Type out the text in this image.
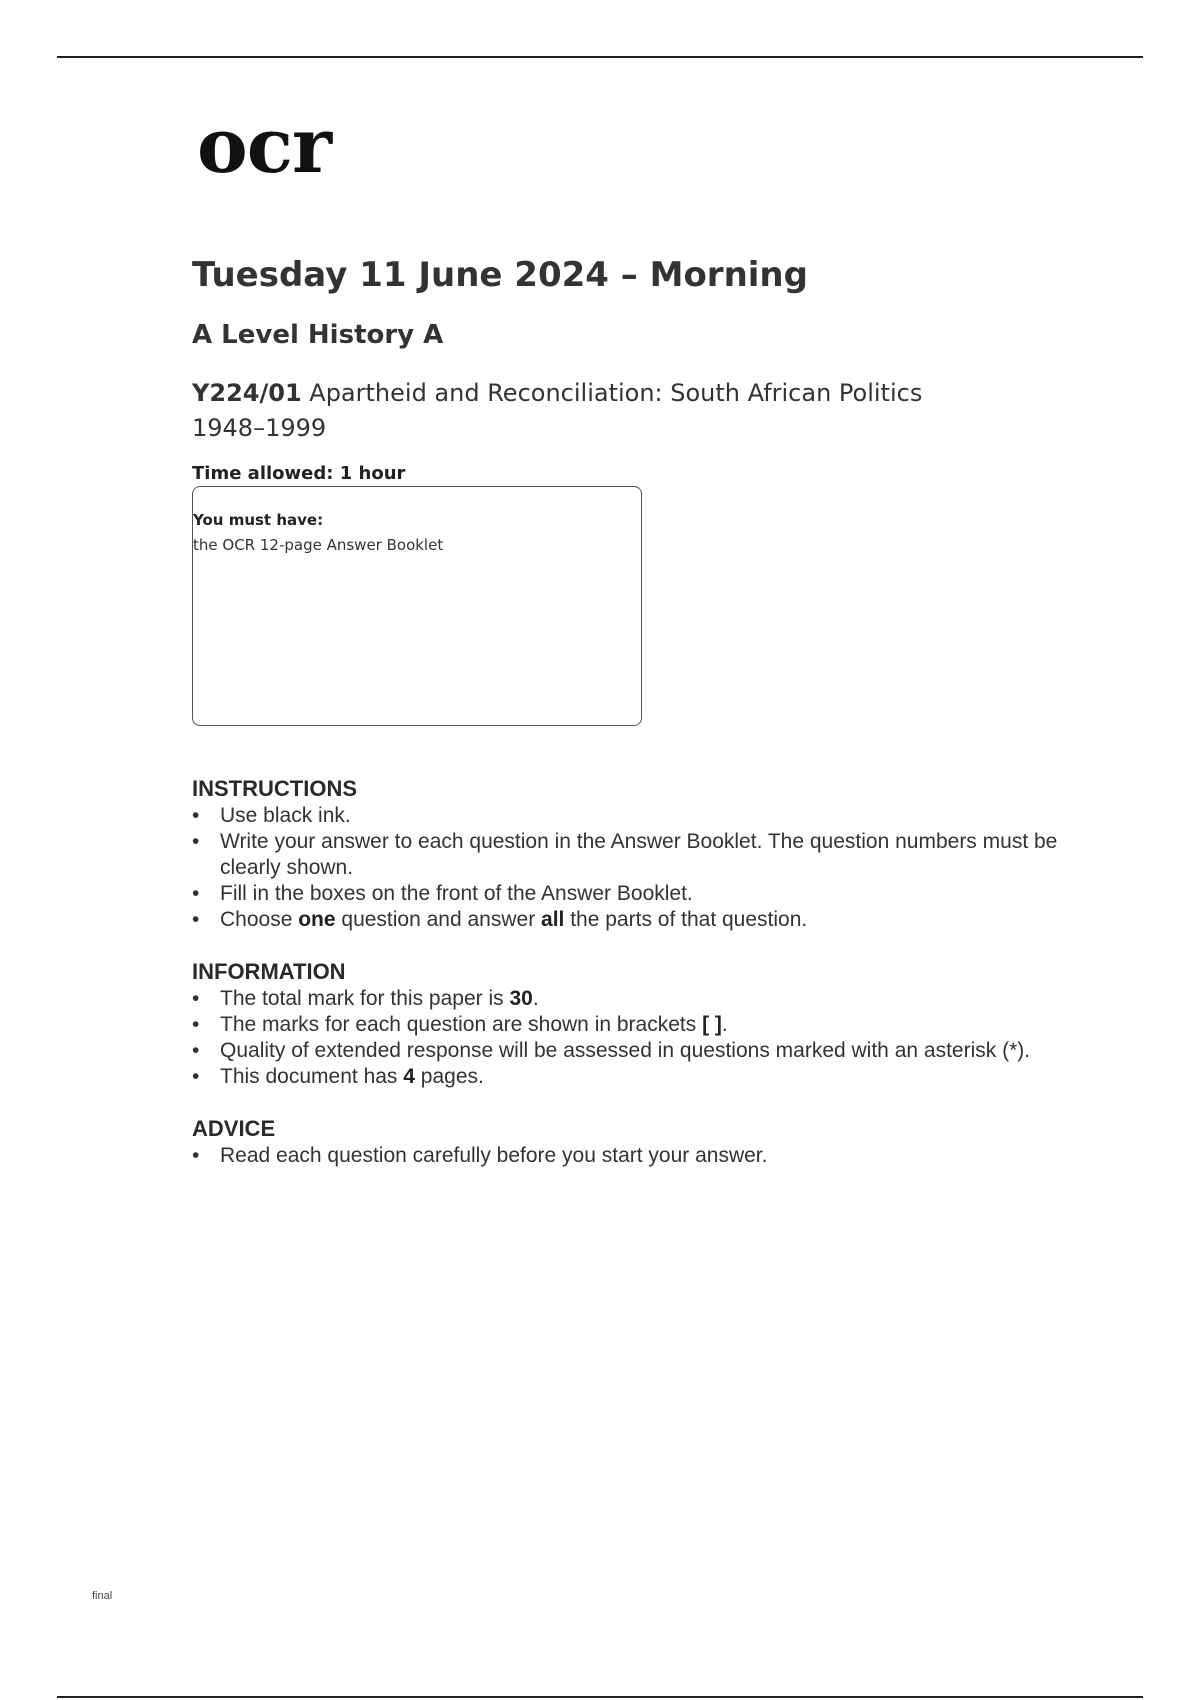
ocr
Tuesday 11 June 2024 – Morning
A Level History A
Y224/01 Apartheid and Reconciliation: South African Politics 1948–1999
Time allowed: 1 hour
You must have:
the OCR 12-page Answer Booklet
INSTRUCTIONS
• Use black ink.
• Write your answer to each question in the Answer Booklet. The question numbers must be clearly shown.
• Fill in the boxes on the front of the Answer Booklet.
• Choose one question and answer all the parts of that question.
INFORMATION
• The total mark for this paper is 30.
• The marks for each question are shown in brackets [ ].
• Quality of extended response will be assessed in questions marked with an asterisk (*).
• This document has 4 pages.
ADVICE
• Read each question carefully before you start your answer.
final
